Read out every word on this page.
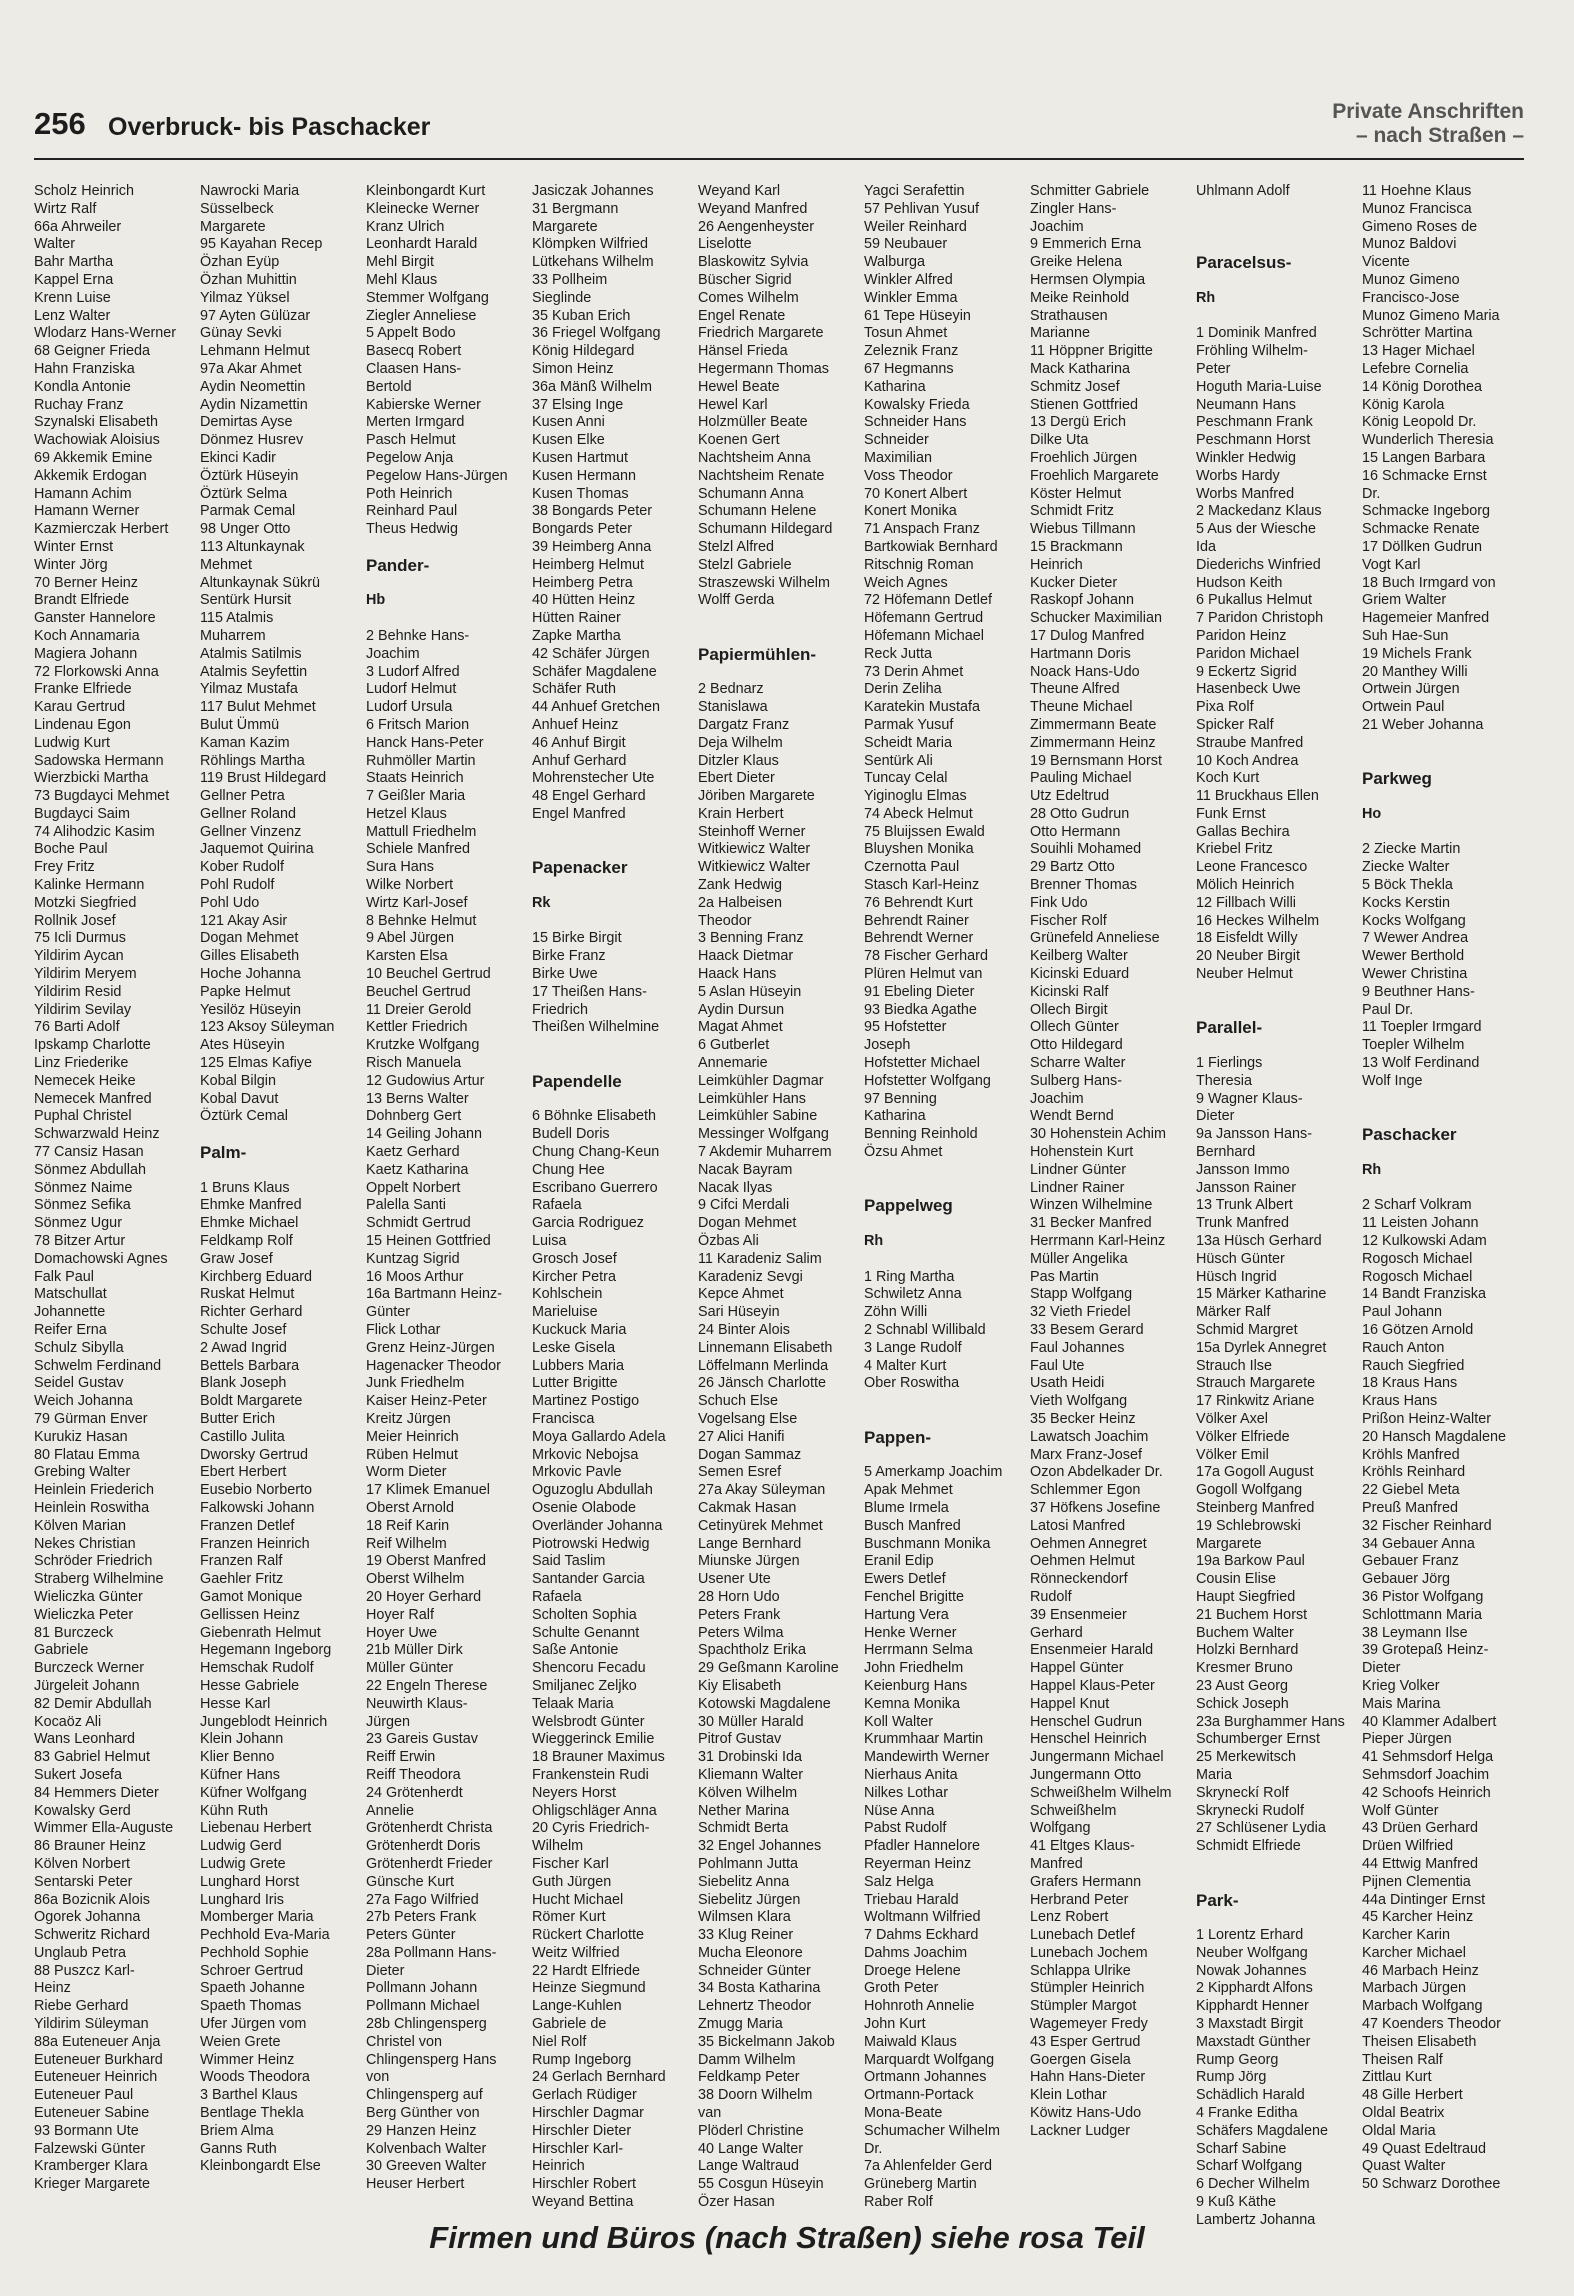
256 Overbruck- bis Paschacker
Private Anschriften
– nach Straßen –
Scholz Heinrich
Wirtz Ralf
66a Ahrweiler
Walter
Bahr Martha
Kappel Erna
Krenn Luise
Lenz Walter
Wlodarz Hans-Werner
68 Geigner Frieda
Hahn Franziska
Kondla Antonie
Ruchay Franz
Szynalski Elisabeth
Wachowiak Aloisius
69 Akkemik Emine
Akkemik Erdogan
Hamann Achim
Hamann Werner
Kazmierczak Herbert
Winter Ernst
Winter Jörg
70 Berner Heinz
Brandt Elfriede
Ganster Hannelore
Koch Annamaria
Magiera Johann
72 Florkowski Anna
Franke Elfriede
Karau Gertrud
Lindenau Egon
Ludwig Kurt
Sadowska Hermann
Wierzbicki Martha
73 Bugdayci Mehmet
Bugdayci Saim
74 Alihodzic Kasim
Boche Paul
Frey Fritz
Kalinke Hermann
Motzki Siegfried
Rollnik Josef
75 Icli Durmus
Yildirim Aycan
Yildirim Meryem
Yildirim Resid
Yildirim Sevilay
76 Barti Adolf
Ipskamp Charlotte
Linz Friederike
Nemecek Heike
Nemecek Manfred
Puphal Christel
Schwarzwald Heinz
77 Cansiz Hasan
Sönmez Abdullah
Sönmez Naime
Sönmez Sefika
Sönmez Ugur
78 Bitzer Artur
Domachowski Agnes
Falk Paul
Matschullat
Johannette
Reifer Erna
Schulz Sibylla
Schwelm Ferdinand
Seidel Gustav
Weich Johanna
79 Gürman Enver
Kurukiz Hasan
80 Flatau Emma
Grebing Walter
Heinlein Friederich
Heinlein Roswitha
Kölven Marian
Nekes Christian
Schröder Friedrich
Straberg Wilhelmine
Wieliczka Günter
Wieliczka Peter
81 Burczeck
Gabriele
Burczeck Werner
Jürgeleit Johann
82 Demir Abdullah
Kocaöz Ali
Wans Leonhard
83 Gabriel Helmut
Sukert Josefa
84 Hemmers Dieter
Kowalsky Gerd
Wimmer Ella-Auguste
86 Brauner Heinz
Kölven Norbert
Sentarski Peter
86a Bozicnik Alois
Ogorek Johanna
Schweritz Richard
Unglaub Petra
88 Puszcz Karl-
Heinz
Riebe Gerhard
Yildirim Süleyman
88a Euteneuer Anja
Euteneuer Burkhard
Euteneuer Heinrich
Euteneuer Paul
Euteneuer Sabine
93 Bormann Ute
Falzewski Günter
Kramberger Klara
Krieger Margarete
Nawrocki Maria
Süsselbeck
Margarete
95 Kayahan Recep
Özhan Eyüp
Özhan Muhittin
Yilmaz Yüksel
97 Ayten Gülüzar
Günay Sevki
Lehmann Helmut
97a Akar Ahmet
Aydin Neomettin
Aydin Nizamettin
Demirtas Ayse
Dönmez Husrev
Ekinci Kadir
Öztürk Hüseyin
Öztürk Selma
Parmak Cemal
98 Unger Otto
113 Altunkaynak
Mehmet
Altunkaynak Sükrü
Sentürk Hursit
115 Atalmis
Muharrem
Atalmis Satilmis
Atalmis Seyfettin
Yilmaz Mustafa
117 Bulut Mehmet
Bulut Ümmü
Kaman Kazim
Röhlings Martha
119 Brust Hildegard
Gellner Petra
Gellner Roland
Gellner Vinzenz
Jaquemot Quirina
Kober Rudolf
Pohl Rudolf
Pohl Udo
121 Akay Asir
Dogan Mehmet
Gilles Elisabeth
Hoche Johanna
Papke Helmut
Yesilöz Hüseyin
123 Aksoy Süleyman
Ates Hüseyin
125 Elmas Kafiye
Kobal Bilgin
Kobal Davut
Öztürk Cemal
Palm-
1 Bruns Klaus
Ehmke Manfred
Ehmke Michael
Feldkamp Rolf
Graw Josef
Kirchberg Eduard
Ruskat Helmut
Richter Gerhard
Schulte Josef
2 Awad Ingrid
Bettels Barbara
Blank Joseph
Boldt Margarete
Butter Erich
Castillo Julita
Dworsky Gertrud
Ebert Herbert
Eusebio Norberto
Falkowski Johann
Franzen Detlef
Franzen Heinrich
Franzen Ralf
Gaehler Fritz
Gamot Monique
Gellissen Heinz
Giebenrath Helmut
Hegemann Ingeborg
Hemschak Rudolf
Hesse Gabriele
Hesse Karl
Jungeblodt Heinrich
Klein Johann
Klier Benno
Küfner Hans
Küfner Wolfgang
Kühn Ruth
Liebenau Herbert
Ludwig Gerd
Ludwig Grete
Lunghard Horst
Lunghard Iris
Momberger Maria
Pechhold Eva-Maria
Pechhold Sophie
Schroer Gertrud
Spaeth Johanne
Spaeth Thomas
Ufer Jürgen vom
Weien Grete
Wimmer Heinz
Woods Theodora
3 Barthel Klaus
Bentlage Thekla
Briem Alma
Ganns Ruth
Kleinbongardt Else
Kleinbongardt Kurt
Kleinecke Werner
Kranz Ulrich
Leonhardt Harald
Mehl Birgit
Mehl Klaus
Stemmer Wolfgang
Ziegler Anneliese
5 Appelt Bodo
Basecq Robert
Claasen Hans-
Bertold
Kabierske Werner
Merten Irmgard
Pasch Helmut
Pegelow Anja
Pegelow Hans-Jürgen
Poth Heinrich
Reinhard Paul
Theus Hedwig
Pander-
Hb
2 Behnke Hans-
Joachim
3 Ludorf Alfred
Ludorf Helmut
Ludorf Ursula
6 Fritsch Marion
Hanck Hans-Peter
Ruhmöller Martin
Staats Heinrich
7 Geißler Maria
Hetzel Klaus
Mattull Friedhelm
Schiele Manfred
Sura Hans
Wilke Norbert
Wirtz Karl-Josef
8 Behnke Helmut
9 Abel Jürgen
Karsten Elsa
10 Beuchel Gertrud
Beuchel Gertrud
11 Dreier Gerold
Kettler Friedrich
Krutzke Wolfgang
Risch Manuela
12 Gudowius Artur
13 Berns Walter
Dohnberg Gert
14 Geiling Johann
Kaetz Gerhard
Kaetz Katharina
Oppelt Norbert
Palella Santi
Schmidt Gertrud
15 Heinen Gottfried
Kuntzag Sigrid
16 Moos Arthur
16a Bartmann Heinz-
Günter
Flick Lothar
Grenz Heinz-Jürgen
Hagenacker Theodor
Junk Friedhelm
Kaiser Heinz-Peter
Kreitz Jürgen
Meier Heinrich
Rüben Helmut
Worm Dieter
17 Klimek Emanuel
Oberst Arnold
18 Reif Karin
Reif Wilhelm
19 Oberst Manfred
Oberst Wilhelm
20 Hoyer Gerhard
Hoyer Ralf
Hoyer Uwe
21b Müller Dirk
Müller Günter
22 Engeln Therese
Neuwirth Klaus-
Jürgen
23 Gareis Gustav
Reiff Erwin
Reiff Theodora
24 Grötenherdt
Annelie
Grötenherdt Christa
Grötenherdt Doris
Grötenherdt Frieder
Günsche Kurt
27a Fago Wilfried
27b Peters Frank
Peters Günter
28a Pollmann Hans-
Dieter
Pollmann Johann
Pollmann Michael
28b Chlingensperg
Christel von
Chlingensperg Hans
von
Chlingensperg auf
Berg Günther von
29 Hanzen Heinz
Kolvenbach Walter
30 Greeven Walter
Heuser Herbert
Jasiczak Johannes
31 Bergmann
Margarete
Klömpken Wilfried
Lütkehans Wilhelm
33 Pollheim
Sieglinde
35 Kuban Erich
36 Friegel Wolfgang
König Hildegard
Simon Heinz
36a Mänß Wilhelm
37 Elsing Inge
Kusen Anni
Kusen Elke
Kusen Hartmut
Kusen Hermann
Kusen Thomas
38 Bongards Peter
Bongards Peter
39 Heimberg Anna
Heimberg Helmut
Heimberg Petra
40 Hütten Heinz
Hütten Rainer
Zapke Martha
42 Schäfer Jürgen
Schäfer Magdalene
Schäfer Ruth
44 Anhuef Gretchen
Anhuef Heinz
46 Anhuf Birgit
Anhuf Gerhard
Mohrenstecher Ute
48 Engel Gerhard
Engel Manfred
Papenacker
Rk
15 Birke Birgit
Birke Franz
Birke Uwe
17 Theißen Hans-
Friedrich
Theißen Wilhelmine
Papendelle
6 Böhnke Elisabeth
Budell Doris
Chung Chang-Keun
Chung Hee
Escribano Guerrero
Rafaela
Garcia Rodriguez
Luisa
Grosch Josef
Kircher Petra
Kohlschein
Marieluise
Kuckuck Maria
Leske Gisela
Lubbers Maria
Lutter Brigitte
Martinez Postigo
Francisca
Moya Gallardo Adela
Mrkovic Nebojsa
Mrkovic Pavle
Oguzoglu Abdullah
Osenie Olabode
Overländer Johanna
Piotrowski Hedwig
Said Taslim
Santander Garcia
Rafaela
Scholten Sophia
Schulte Genannt
Saße Antonie
Shencoru Fecadu
Smiljanec Zeljko
Telaak Maria
Welsbrodt Günter
Wieggerinck Emilie
18 Brauner Maximus
Frankenstein Rudi
Neyers Horst
Ohligschläger Anna
20 Cyris Friedrich-
Wilhelm
Fischer Karl
Guth Jürgen
Hucht Michael
Römer Kurt
Rückert Charlotte
Weitz Wilfried
22 Hardt Elfriede
Heinze Siegmund
Lange-Kuhlen
Gabriele de
Niel Rolf
Rump Ingeborg
24 Gerlach Bernhard
Gerlach Rüdiger
Hirschler Dagmar
Hirschler Dieter
Hirschler Karl-
Heinrich
Hirschler Robert
Weyand Bettina
Weyand Karl
Weyand Manfred
26 Aengenheyster
Liselotte
Blaskowitz Sylvia
Büscher Sigrid
Comes Wilhelm
Engel Renate
Friedrich Margarete
Hänsel Frieda
Hegermann Thomas
Hewel Beate
Hewel Karl
Holzmüller Beate
Koenen Gert
Nachtsheim Anna
Nachtsheim Renate
Schumann Anna
Schumann Helene
Schumann Hildegard
Stelzl Alfred
Stelzl Gabriele
Straszewski Wilhelm
Wolff Gerda
Papiermühlen-
2 Bednarz
Stanislawa
Dargatz Franz
Deja Wilhelm
Ditzler Klaus
Ebert Dieter
Jöriben Margarete
Krain Herbert
Steinhoff Werner
Witkiewicz Walter
Witkiewicz Walter
Zank Hedwig
2a Halbeisen
Theodor
3 Benning Franz
Haack Dietmar
Haack Hans
5 Aslan Hüseyin
Aydin Dursun
Magat Ahmet
6 Gutberlet
Annemarie
Leimkühler Dagmar
Leimkühler Hans
Leimkühler Sabine
Messinger Wolfgang
7 Akdemir Muharrem
Nacak Bayram
Nacak Ilyas
9 Cifci Merdali
Dogan Mehmet
Özbas Ali
11 Karadeniz Salim
Karadeniz Sevgi
Kepce Ahmet
Sari Hüseyin
24 Binter Alois
Linnemann Elisabeth
Löffelmann Merlinda
26 Jänsch Charlotte
Schuch Else
Vogelsang Else
27 Alici Hanifi
Dogan Sammaz
Semen Esref
27a Akay Süleyman
Cakmak Hasan
Cetinyürek Mehmet
Lange Bernhard
Miunske Jürgen
Usener Ute
28 Horn Udo
Peters Frank
Peters Wilma
Spachtholz Erika
29 Geßmann Karoline
Kiy Elisabeth
Kotowski Magdalene
30 Müller Harald
Pitrof Gustav
31 Drobinski Ida
Kliemann Walter
Kölven Wilhelm
Nether Marina
Schmidt Berta
32 Engel Johannes
Pohlmann Jutta
Siebelitz Anna
Siebelitz Jürgen
Wilmsen Klara
33 Klug Reiner
Mucha Eleonore
Schneider Günter
34 Bosta Katharina
Lehnertz Theodor
Zmugg Maria
35 Bickelmann Jakob
Damm Wilhelm
Feldkamp Peter
38 Doorn Wilhelm
van
Plöderl Christine
40 Lange Walter
Lange Waltraud
55 Cosgun Hüseyin
Özer Hasan
Yagci Serafettin
57 Pehlivan Yusuf
Weiler Reinhard
59 Neubauer
Walburga
Winkler Alfred
Winkler Emma
61 Tepe Hüseyin
Tosun Ahmet
Zeleznik Franz
67 Hegmanns
Katharina
Kowalsky Frieda
Schneider Hans
Schneider
Maximilian
Voss Theodor
70 Konert Albert
Konert Monika
71 Anspach Franz
Bartkowiak Bernhard
Ritschnig Roman
Weich Agnes
72 Höfemann Detlef
Höfemann Gertrud
Höfemann Michael
Reck Jutta
73 Derin Ahmet
Derin Zeliha
Karatekin Mustafa
Parmak Yusuf
Scheidt Maria
Sentürk Ali
Tuncay Celal
Yiginoglu Elmas
74 Abeck Helmut
75 Bluijssen Ewald
Bluyshen Monika
Czernotta Paul
Stasch Karl-Heinz
76 Behrendt Kurt
Behrendt Rainer
Behrendt Werner
78 Fischer Gerhard
Plüren Helmut van
91 Ebeling Dieter
93 Biedka Agathe
95 Hofstetter
Joseph
Hofstetter Michael
Hofstetter Wolfgang
97 Benning
Katharina
Benning Reinhold
Özsu Ahmet
Pappelweg
Rh
1 Ring Martha
Schwiletz Anna
Zöhn Willi
2 Schnabl Willibald
3 Lange Rudolf
4 Malter Kurt
Ober Roswitha
Pappen-
5 Amerkamp Joachim
Apak Mehmet
Blume Irmela
Busch Manfred
Buschmann Monika
Eranil Edip
Ewers Detlef
Fenchel Brigitte
Hartung Vera
Henke Werner
Herrmann Selma
John Friedhelm
Keienburg Hans
Kemna Monika
Koll Walter
Krummhaar Martin
Mandewirth Werner
Nierhaus Anita
Nilkes Lothar
Nüse Anna
Pabst Rudolf
Pfadler Hannelore
Reyerman Heinz
Salz Helga
Triebau Harald
Woltmann Wilfried
7 Dahms Eckhard
Dahms Joachim
Droege Helene
Groth Peter
Hohnroth Annelie
John Kurt
Maiwald Klaus
Marquardt Wolfgang
Ortmann Johannes
Ortmann-Portack
Mona-Beate
Schumacher Wilhelm
Dr.
7a Ahlenfelder Gerd
Grüneberg Martin
Raber Rolf
Schmitter Gabriele
Zingler Hans-
Joachim
9 Emmerich Erna
Greike Helena
Hermsen Olympia
Meike Reinhold
Strathausen
Marianne
11 Höppner Brigitte
Mack Katharina
Schmitz Josef
Stienen Gottfried
13 Dergü Erich
Dilke Uta
Froehlich Jürgen
Froehlich Margarete
Köster Helmut
Schmidt Fritz
Wiebus Tillmann
15 Brackmann
Heinrich
Kucker Dieter
Raskopf Johann
Schucker Maximilian
17 Dulog Manfred
Hartmann Doris
Noack Hans-Udo
Theune Alfred
Theune Michael
Zimmermann Beate
Zimmermann Heinz
19 Bernsmann Horst
Pauling Michael
Utz Edeltrud
28 Otto Gudrun
Otto Hermann
Souihli Mohamed
29 Bartz Otto
Brenner Thomas
Fink Udo
Fischer Rolf
Grünefeld Anneliese
Keilberg Walter
Kicinski Eduard
Kicinski Ralf
Ollech Birgit
Ollech Günter
Otto Hildegard
Scharre Walter
Sulberg Hans-
Joachim
Wendt Bernd
30 Hohenstein Achim
Hohenstein Kurt
Lindner Günter
Lindner Rainer
Winzen Wilhelmine
31 Becker Manfred
Herrmann Karl-Heinz
Müller Angelika
Pas Martin
Stapp Wolfgang
32 Vieth Friedel
33 Besem Gerard
Faul Johannes
Faul Ute
Usath Heidi
Vieth Wolfgang
35 Becker Heinz
Lawatsch Joachim
Marx Franz-Josef
Ozon Abdelkader Dr.
Schlemmer Egon
37 Höfkens Josefine
Latosi Manfred
Oehmen Annegret
Oehmen Helmut
Rönneckendorf
Rudolf
39 Ensenmeier
Gerhard
Ensenmeier Harald
Happel Günter
Happel Klaus-Peter
Happel Knut
Henschel Gudrun
Henschel Heinrich
Jungermann Michael
Jungermann Otto
Schweißhelm Wilhelm
Schweißhelm
Wolfgang
41 Eltges Klaus-
Manfred
Grafers Hermann
Herbrand Peter
Lenz Robert
Lunebach Detlef
Lunebach Jochem
Schlappa Ulrike
Stümpler Heinrich
Stümpler Margot
Wagemeyer Fredy
43 Esper Gertrud
Goergen Gisela
Hahn Hans-Dieter
Klein Lothar
Köwitz Hans-Udo
Lackner Ludger
Uhlmann Adolf
Paracelsus-
Rh
1 Dominik Manfred
Fröhling Wilhelm-
Peter
Hoguth Maria-Luise
Neumann Hans
Peschmann Frank
Peschmann Horst
Winkler Hedwig
Worbs Hardy
Worbs Manfred
2 Mackedanz Klaus
5 Aus der Wiesche
Ida
Diederichs Winfried
Hudson Keith
6 Pukallus Helmut
7 Paridon Christoph
Paridon Heinz
Paridon Michael
9 Eckertz Sigrid
Hasenbeck Uwe
Pixa Rolf
Spicker Ralf
Straube Manfred
10 Koch Andrea
Koch Kurt
11 Bruckhaus Ellen
Funk Ernst
Gallas Bechira
Kriebel Fritz
Leone Francesco
Mölich Heinrich
12 Fillbach Willi
16 Heckes Wilhelm
18 Eisfeldt Willy
20 Neuber Birgit
Neuber Helmut
Parallel-
1 Fierlings
Theresia
9 Wagner Klaus-
Dieter
9a Jansson Hans-
Bernhard
Jansson Immo
Jansson Rainer
13 Trunk Albert
Trunk Manfred
13a Hüsch Gerhard
Hüsch Günter
Hüsch Ingrid
15 Märker Katharine
Märker Ralf
Schmid Margret
15a Dyrlek Annegret
Strauch Ilse
Strauch Margarete
17 Rinkwitz Ariane
Völker Axel
Völker Elfriede
Völker Emil
17a Gogoll August
Gogoll Wolfgang
Steinberg Manfred
19 Schlebrowski
Margarete
19a Barkow Paul
Cousin Elise
Haupt Siegfried
21 Buchem Horst
Buchem Walter
Holzki Bernhard
Kresmer Bruno
23 Aust Georg
Schick Joseph
23a Burghammer Hans
Schumberger Ernst
25 Merkewitsch
Maria
Skryneckí Rolf
Skrynecki Rudolf
27 Schlüsener Lydia
Schmidt Elfriede
Park-
1 Lorentz Erhard
Neuber Wolfgang
Nowak Johannes
2 Kipphardt Alfons
Kipphardt Henner
3 Maxstadt Birgit
Maxstadt Günther
Rump Georg
Rump Jörg
Schädlich Harald
4 Franke Editha
Schäfers Magdalene
Scharf Sabine
Scharf Wolfgang
6 Decher Wilhelm
9 Kuß Käthe
Lambertz Johanna
11 Hoehne Klaus
Munoz Francisca
Gimeno Roses de
Munoz Baldovi
Vicente
Munoz Gimeno
Francisco-Jose
Munoz Gimeno Maria
Schrötter Martina
13 Hager Michael
Lefebre Cornelia
14 König Dorothea
König Karola
König Leopold Dr.
Wunderlich Theresia
15 Langen Barbara
16 Schmacke Ernst
Dr.
Schmacke Ingeborg
Schmacke Renate
17 Döllken Gudrun
Vogt Karl
18 Buch Irmgard von
Griem Walter
Hagemeier Manfred
Suh Hae-Sun
19 Michels Frank
20 Manthey Willi
Ortwein Jürgen
Ortwein Paul
21 Weber Johanna
Parkweg
Ho
2 Ziecke Martin
Ziecke Walter
5 Böck Thekla
Kocks Kerstin
Kocks Wolfgang
7 Wewer Andrea
Wewer Berthold
Wewer Christina
9 Beuthner Hans-
Paul Dr.
11 Toepler Irmgard
Toepler Wilhelm
13 Wolf Ferdinand
Wolf Inge
Paschacker
Rh
2 Scharf Volkram
11 Leisten Johann
12 Kulkowski Adam
Rogosch Michael
Rogosch Michael
14 Bandt Franziska
Paul Johann
16 Götzen Arnold
Rauch Anton
Rauch Siegfried
18 Kraus Hans
Kraus Hans
Prißon Heinz-Walter
20 Hansch Magdalene
Kröhls Manfred
Kröhls Reinhard
22 Giebel Meta
Preuß Manfred
32 Fischer Reinhard
34 Gebauer Anna
Gebauer Franz
Gebauer Jörg
36 Pistor Wolfgang
Schlottmann Maria
38 Leymann Ilse
39 Grotepaß Heinz-
Dieter
Krieg Volker
Mais Marina
40 Klammer Adalbert
Pieper Jürgen
41 Sehmsdorf Helga
Sehmsdorf Joachim
42 Schoofs Heinrich
Wolf Günter
43 Drüen Gerhard
Drüen Wilfried
44 Ettwig Manfred
Pijnen Clementia
44a Dintinger Ernst
45 Karcher Heinz
Karcher Karin
Karcher Michael
46 Marbach Heinz
Marbach Jürgen
Marbach Wolfgang
47 Koenders Theodor
Theisen Elisabeth
Theisen Ralf
Zittlau Kurt
48 Gille Herbert
Oldal Beatrix
Oldal Maria
49 Quast Edeltraud
Quast Walter
50 Schwarz Dorothee
Firmen und Büros (nach Straßen) siehe rosa Teil
